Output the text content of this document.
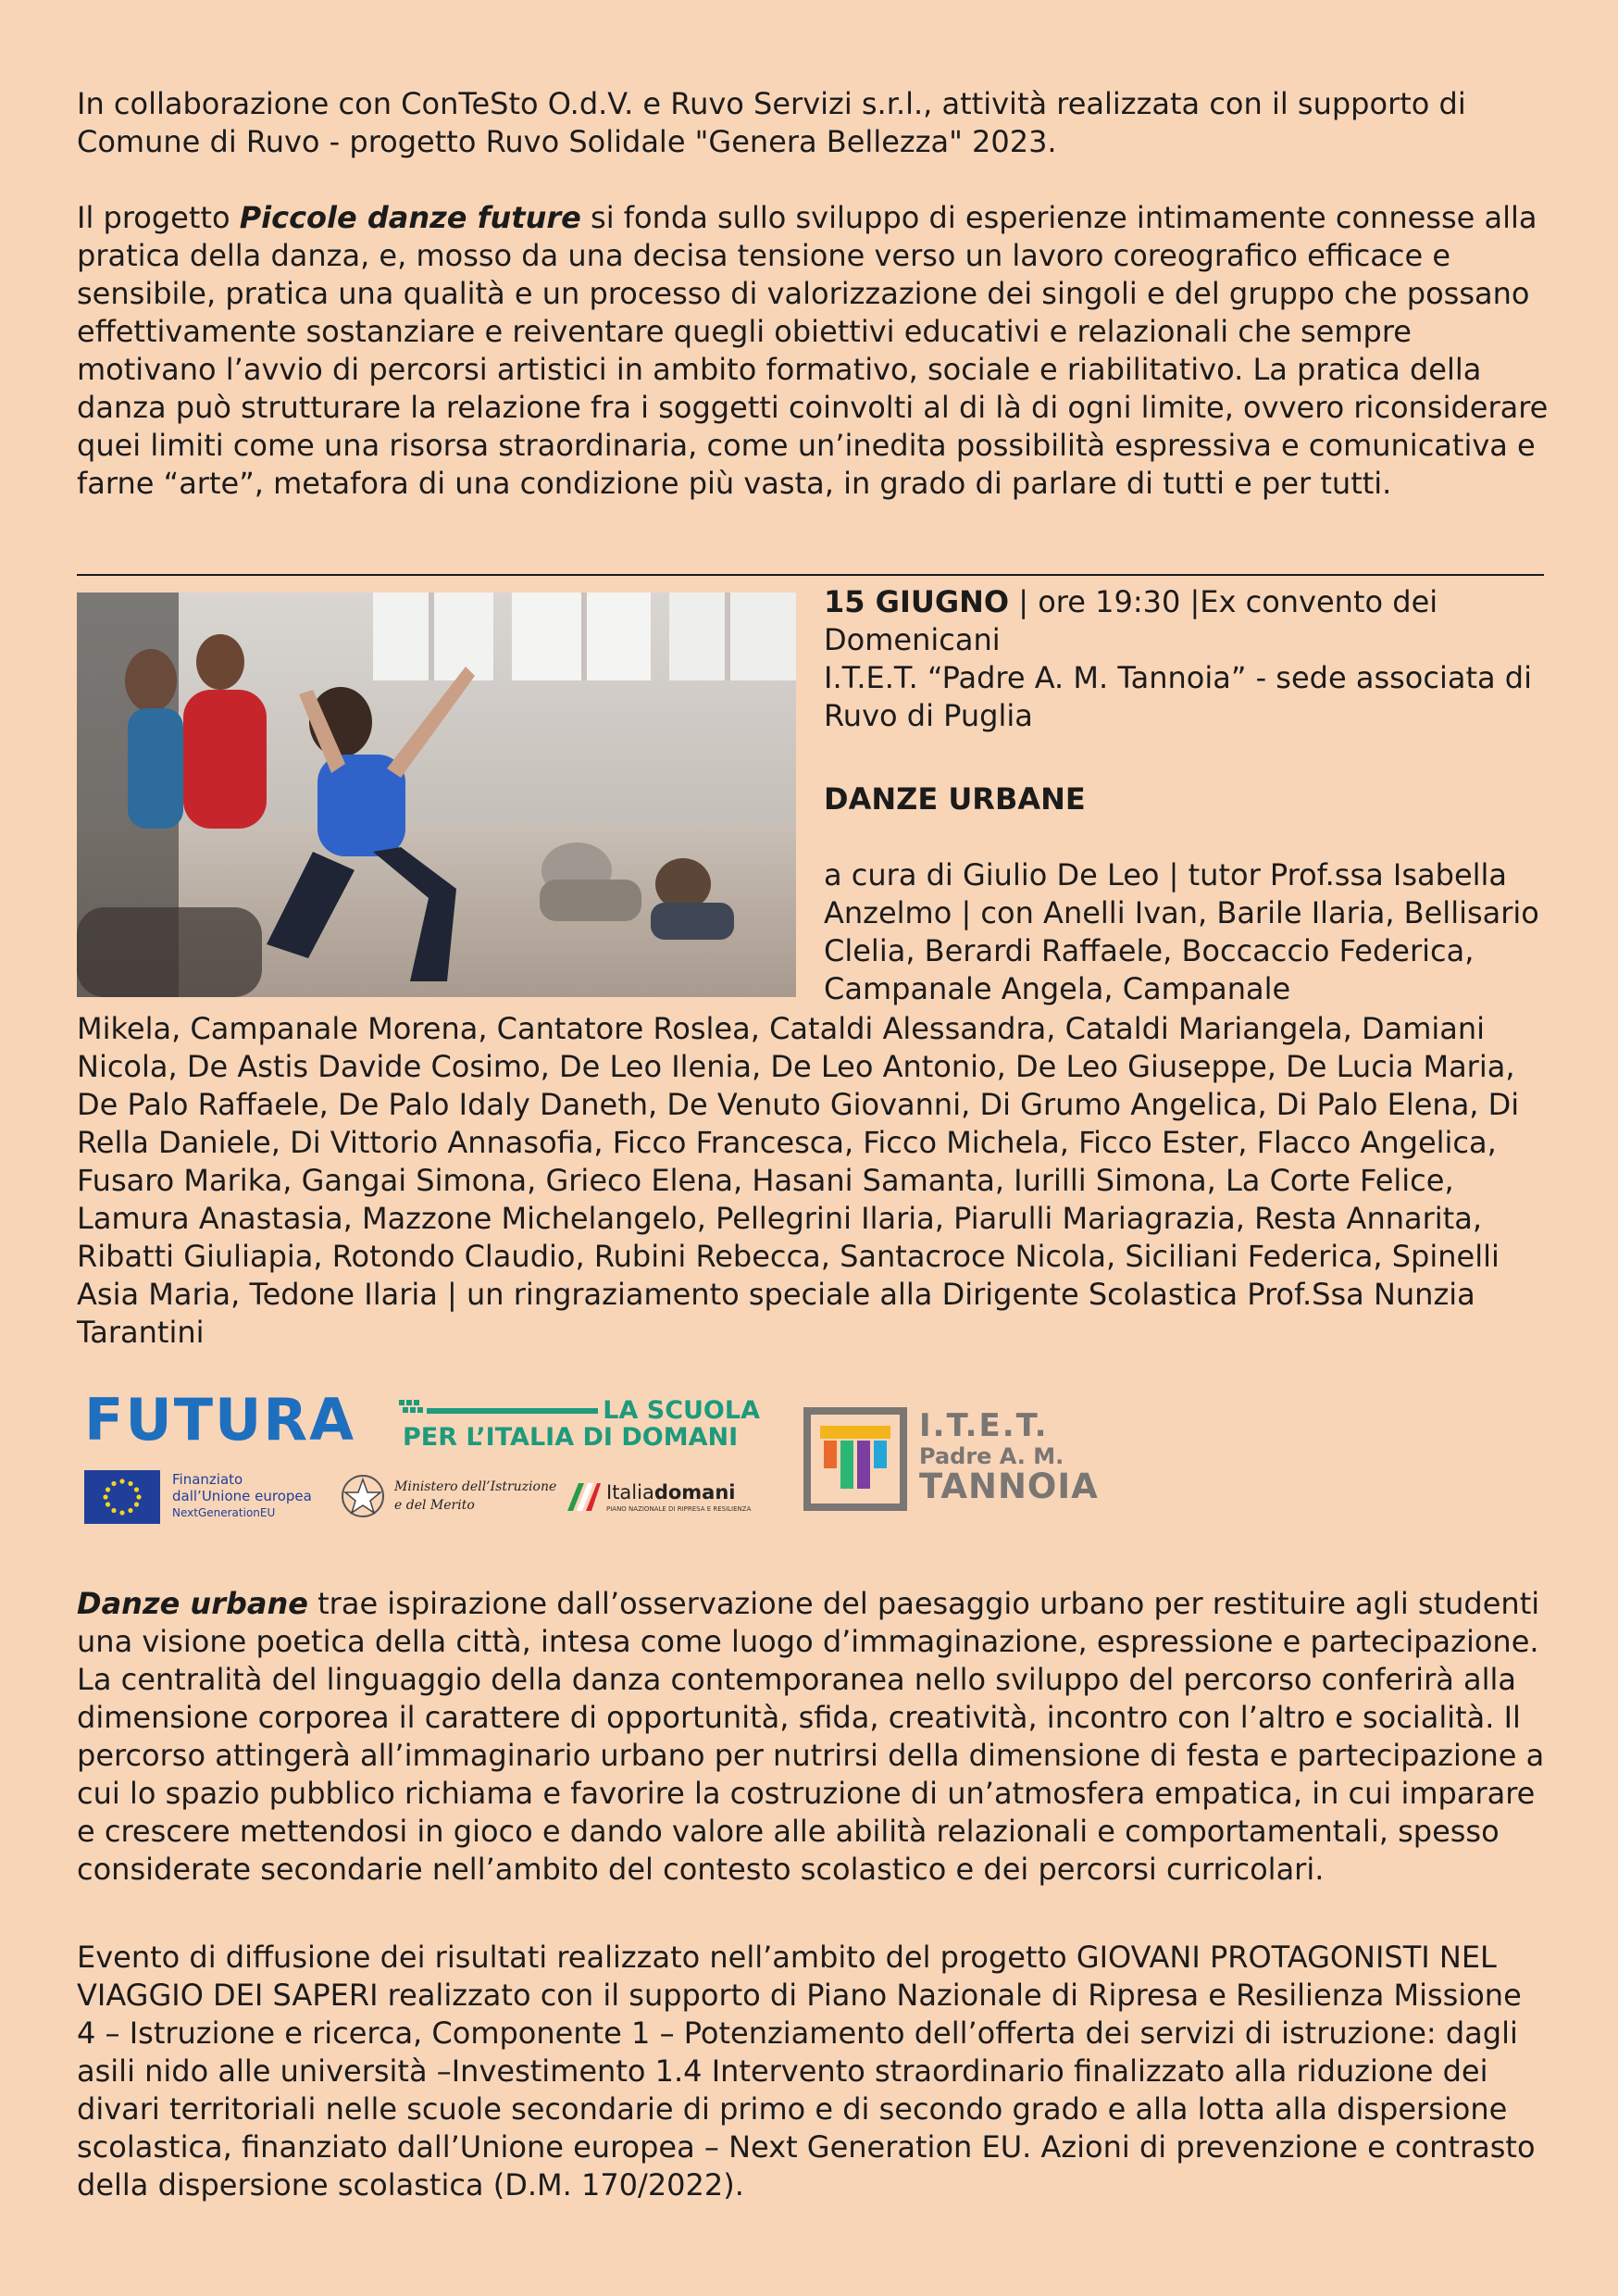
In collaborazione con ConTeSto O.d.V. e Ruvo Servizi s.r.l., attività realizzata con il supporto di Comune di Ruvo - progetto Ruvo Solidale "Genera Bellezza" 2023.

Il progetto Piccole danze future si fonda sullo sviluppo di esperienze intimamente connesse alla pratica della danza, e, mosso da una decisa tensione verso un lavoro coreografico efficace e sensibile, pratica una qualità e un processo di valorizzazione dei singoli e del gruppo che possano effettivamente sostanziare e reiventare quegli obiettivi educativi e relazionali che sempre motivano l’avvio di percorsi artistici in ambito formativo, sociale e riabilitativo. La pratica della danza può strutturare la relazione fra i soggetti coinvolti al di là di ogni limite, ovvero riconsiderare quei limiti come una risorsa straordinaria, come un’inedita possibilità espressiva e comunicativa e farne “arte”, metafora di una condizione più vasta, in grado di parlare di tutti e per tutti.

15 GIUGNO | ore 19:30 |Ex convento dei Domenicani
I.T.E.T. “Padre A. M. Tannoia” - sede associata di Ruvo di Puglia
DANZE URBANE
a cura di Giulio De Leo | tutor Prof.ssa Isabella Anzelmo | con Anelli Ivan, Barile Ilaria, Bellisario Clelia, Berardi Raffaele, Boccaccio Federica, Campanale Angela, Campanale
Mikela, Campanale Morena, Cantatore Roslea, Cataldi Alessandra, Cataldi Mariangela, Damiani Nicola, De Astis Davide Cosimo, De Leo Ilenia, De Leo Antonio, De Leo Giuseppe, De Lucia Maria, De Palo Raffaele, De Palo Idaly Daneth, De Venuto Giovanni, Di Grumo Angelica, Di Palo Elena, Di Rella Daniele, Di Vittorio Annasofia, Ficco Francesca, Ficco Michela, Ficco Ester, Flacco Angelica, Fusaro Marika, Gangai Simona, Grieco Elena, Hasani Samanta, Iurilli Simona, La Corte Felice, Lamura Anastasia, Mazzone Michelangelo, Pellegrini Ilaria, Piarulli Mariagrazia, Resta Annarita, Ribatti Giuliapia, Rotondo Claudio, Rubini Rebecca, Santacroce Nicola, Siciliani Federica, Spinelli Asia Maria, Tedone Ilaria | un ringraziamento speciale alla Dirigente Scolastica Prof.Ssa Nunzia Tarantini
FUTURA	LA SCUOLA
PER L’ITALIA DI DOMANI
Finanziato
dall’Unione europea
NextGenerationEU
Ministero dell’Istruzione
e del Merito
Italiadomani
PIANO NAZIONALE DI RIPRESA E RESILIENZA
I.T.E.T.
Padre A. M.
TANNOIA

Danze urbane trae ispirazione dall’osservazione del paesaggio urbano per restituire agli studenti una visione poetica della città, intesa come luogo d’immaginazione, espressione e partecipazione. La centralità del linguaggio della danza contemporanea nello sviluppo del percorso conferirà alla dimensione corporea il carattere di opportunità, sfida, creatività, incontro con l’altro e socialità. Il percorso attingerà all’immaginario urbano per nutrirsi della dimensione di festa e partecipazione a cui lo spazio pubblico richiama e favorire la costruzione di un’atmosfera empatica, in cui imparare e crescere mettendosi in gioco e dando valore alle abilità relazionali e comportamentali, spesso considerate secondarie nell’ambito del contesto scolastico e dei percorsi curricolari.

Evento di diffusione dei risultati realizzato nell’ambito del progetto GIOVANI PROTAGONISTI NEL VIAGGIO DEI SAPERI realizzato con il supporto di Piano Nazionale di Ripresa e Resilienza Missione 4 – Istruzione e ricerca, Componente 1 – Potenziamento dell’offerta dei servizi di istruzione: dagli asili nido alle università –Investimento 1.4 Intervento straordinario finalizzato alla riduzione dei divari territoriali nelle scuole secondarie di primo e di secondo grado e alla lotta alla dispersione scolastica, finanziato dall’Unione europea – Next Generation EU. Azioni di prevenzione e contrasto della dispersione scolastica (D.M. 170/2022).
